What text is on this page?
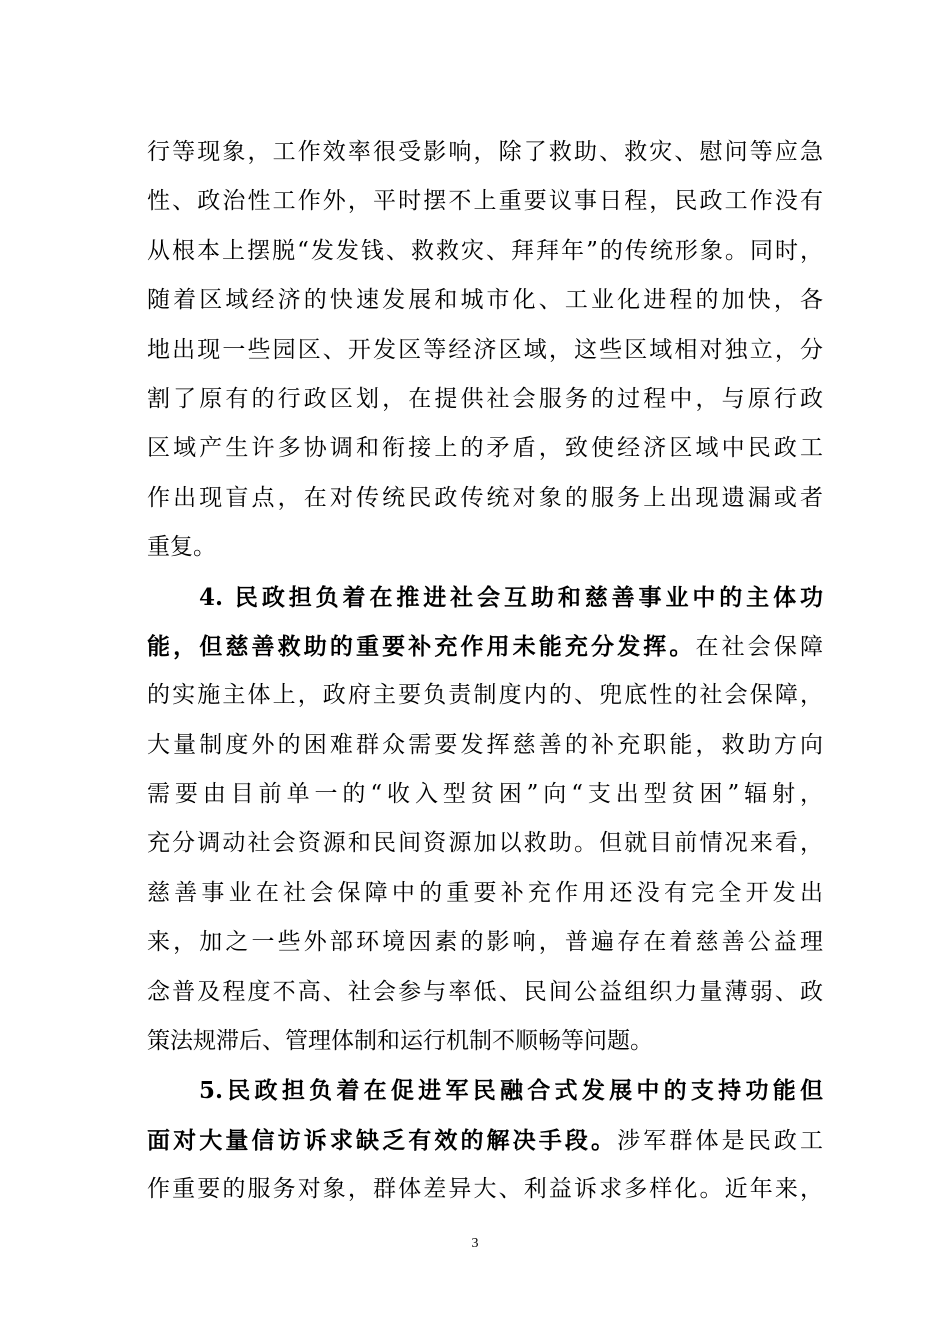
行等现象，工作效率很受影响，除了救助、救灾、慰问等应急
性、政治性工作外，平时摆不上重要议事日程，民政工作没有
从根本上摆脱“发发钱、救救灾、拜拜年”的传统形象。同时，
随着区域经济的快速发展和城市化、工业化进程的加快，各
地出现一些园区、开发区等经济区域，这些区域相对独立，分
割了原有的行政区划，在提供社会服务的过程中，与原行政
区域产生许多协调和衔接上的矛盾，致使经济区域中民政工
作出现盲点，在对传统民政传统对象的服务上出现遗漏或者
重复。
4. 民政担负着在推进社会互助和慈善事业中的主体功
能，但慈善救助的重要补充作用未能充分发挥。在社会保障
的实施主体上，政府主要负责制度内的、兜底性的社会保障，
大量制度外的困难群众需要发挥慈善的补充职能，救助方向
需要由目前单一的“收入型贫困”向“支出型贫困”辐射，
充分调动社会资源和民间资源加以救助。但就目前情况来看，
慈善事业在社会保障中的重要补充作用还没有完全开发出
来，加之一些外部环境因素的影响，普遍存在着慈善公益理
念普及程度不高、社会参与率低、民间公益组织力量薄弱、政
策法规滞后、管理体制和运行机制不顺畅等问题。
5.民政担负着在促进军民融合式发展中的支持功能但
面对大量信访诉求缺乏有效的解决手段。涉军群体是民政工
作重要的服务对象，群体差异大、利益诉求多样化。近年来，
3
